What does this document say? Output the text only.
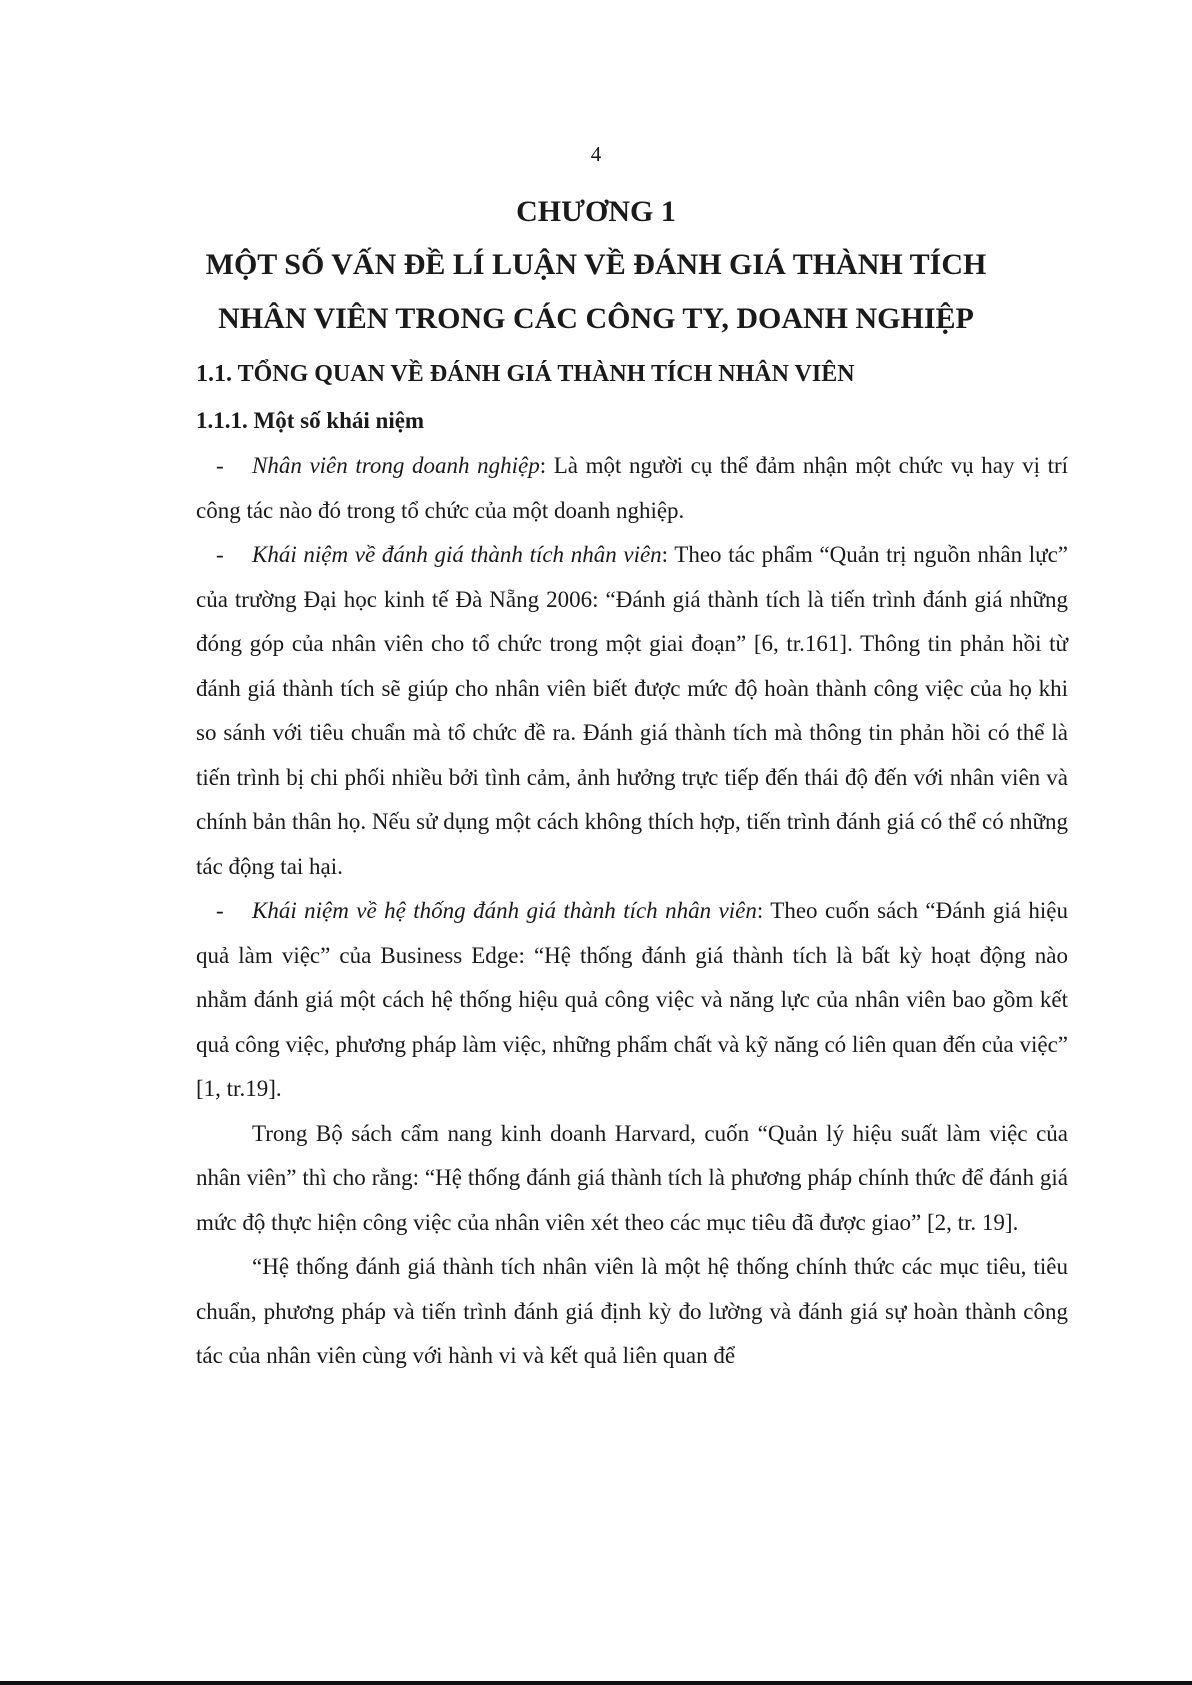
4
CHƯƠNG 1
MỘT SỐ VẤN ĐỀ LÍ LUẬN VỀ ĐÁNH GIÁ THÀNH TÍCH
NHÂN VIÊN TRONG CÁC CÔNG TY, DOANH NGHIỆP
1.1. TỔNG QUAN VỀ ĐÁNH GIÁ THÀNH TÍCH NHÂN VIÊN
1.1.1. Một số khái niệm

- Nhân viên trong doanh nghiệp: Là một người cụ thể đảm nhận một chức vụ hay vị trí công tác nào đó trong tổ chức của một doanh nghiệp.

- Khái niệm về đánh giá thành tích nhân viên: Theo tác phẩm “Quản trị nguồn nhân lực” của trường Đại học kinh tế Đà Nẵng 2006: “Đánh giá thành tích là tiến trình đánh giá những đóng góp của nhân viên cho tổ chức trong một giai đoạn” [6, tr.161]. Thông tin phản hồi từ đánh giá thành tích sẽ giúp cho nhân viên biết được mức độ hoàn thành công việc của họ khi so sánh với tiêu chuẩn mà tổ chức đề ra. Đánh giá thành tích mà thông tin phản hồi có thể là tiến trình bị chi phối nhiều bởi tình cảm, ảnh hưởng trực tiếp đến thái độ đến với nhân viên và chính bản thân họ. Nếu sử dụng một cách không thích hợp, tiến trình đánh giá có thể có những tác động tai hại.

- Khái niệm về hệ thống đánh giá thành tích nhân viên: Theo cuốn sách “Đánh giá hiệu quả làm việc” của Business Edge: “Hệ thống đánh giá thành tích là bất kỳ hoạt động nào nhằm đánh giá một cách hệ thống hiệu quả công việc và năng lực của nhân viên bao gồm kết quả công việc, phương pháp làm việc, những phẩm chất và kỹ năng có liên quan đến của việc” [1, tr.19].

Trong Bộ sách cẩm nang kinh doanh Harvard, cuốn “Quản lý hiệu suất làm việc của nhân viên” thì cho rằng: “Hệ thống đánh giá thành tích là phương pháp chính thức để đánh giá mức độ thực hiện công việc của nhân viên xét theo các mục tiêu đã được giao” [2, tr. 19].

“Hệ thống đánh giá thành tích nhân viên là một hệ thống chính thức các mục tiêu, tiêu chuẩn, phương pháp và tiến trình đánh giá định kỳ đo lường và đánh giá sự hoàn thành công tác của nhân viên cùng với hành vi và kết quả liên quan để
